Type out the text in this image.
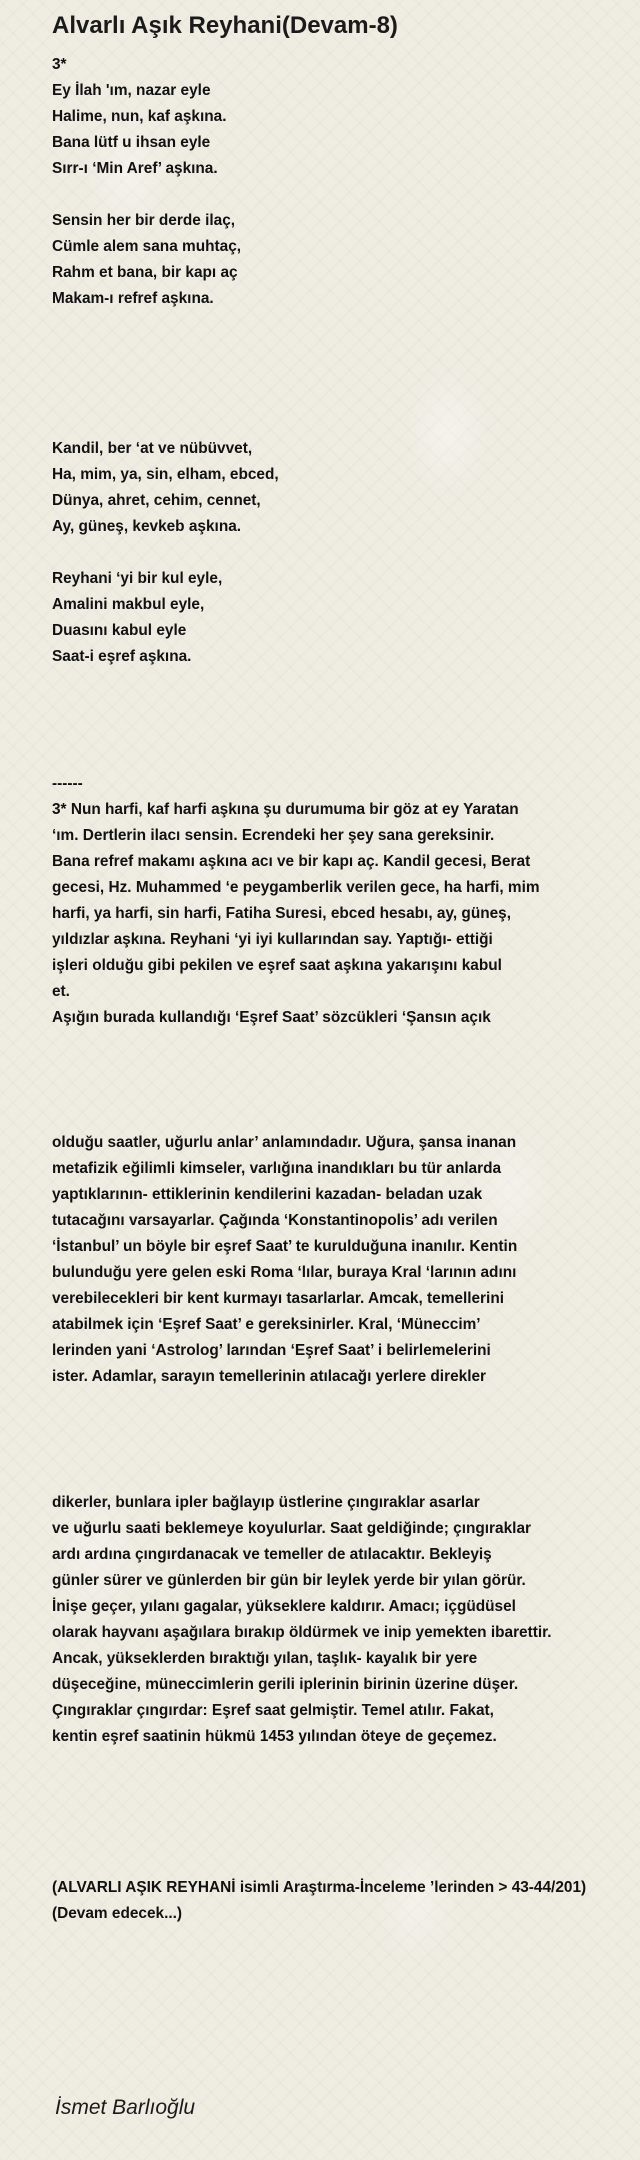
Alvarlı Aşık Reyhani(Devam-8)
3*
Ey İlah 'ım, nazar eyle
Halime, nun, kaf aşkına.
Bana lütf u ihsan eyle
Sırr-ı ‘Min Aref’ aşkına.
Sensin her bir derde ilaç,
Cümle alem sana muhtaç,
Rahm et bana, bir kapı aç
Makam-ı refref aşkına.
Kandil, ber ‘at ve nübüvvet,
Ha, mim, ya, sin, elham, ebced,
Dünya, ahret, cehim, cennet,
Ay, güneş, kevkeb aşkına.
Reyhani ‘yi bir kul eyle,
Amalini makbul eyle,
Duasını kabul eyle
Saat-i eşref aşkına.
------
3* Nun harfi, kaf harfi aşkına şu durumuma bir göz at ey Yaratan
‘ım. Dertlerin ilacı sensin. Ecrendeki her şey sana gereksinir.
Bana refref makamı aşkına acı ve bir kapı aç. Kandil gecesi, Berat
gecesi, Hz. Muhammed ‘e peygamberlik verilen gece, ha harfi, mim
harfi, ya harfi, sin harfi, Fatiha Suresi, ebced hesabı, ay, güneş,
yıldızlar aşkına. Reyhani ‘yi iyi kullarından say. Yaptığı- ettiği
işleri olduğu gibi pekilen ve eşref saat aşkına yakarışını kabul
et.
Aşığın burada kullandığı ‘Eşref Saat’ sözcükleri ‘Şansın açık
olduğu saatler, uğurlu anlar’ anlamındadır. Uğura, şansa inanan
metafizik eğilimli kimseler, varlığına inandıkları bu tür anlarda
yaptıklarının- ettiklerinin kendilerini kazadan- beladan uzak
tutacağını varsayarlar. Çağında ‘Konstantinopolis’ adı verilen
‘İstanbul’ un böyle bir eşref Saat’ te kurulduğuna inanılır. Kentin
bulunduğu yere gelen eski Roma ‘lılar, buraya Kral ‘larının adını
verebilecekleri bir kent kurmayı tasarlarlar. Amcak, temellerini
atabilmek için ‘Eşref Saat’ e gereksinirler. Kral, ‘Müneccim’
lerinden yani ‘Astrolog’ larından ‘Eşref Saat’ i belirlemelerini
ister. Adamlar, sarayın temellerinin atılacağı yerlere direkler
dikerler, bunlara ipler bağlayıp üstlerine çıngıraklar asarlar
ve uğurlu saati beklemeye koyulurlar. Saat geldiğinde; çıngıraklar
ardı ardına çıngırdanacak ve temeller de atılacaktır. Bekleyiş
günler sürer ve günlerden bir gün bir leylek yerde bir yılan görür.
İnişe geçer, yılanı gagalar, yükseklere kaldırır. Amacı; içgüdüsel
olarak hayvanı aşağılara bırakıp öldürmek ve inip yemekten ibarettir.
Ancak, yükseklerden bıraktığı yılan, taşlık- kayalık bir yere
düşeceğine, müneccimlerin gerili iplerinin birinin üzerine düşer.
Çıngıraklar çıngırdar: Eşref saat gelmiştir. Temel atılır. Fakat,
kentin eşref saatinin hükmü 1453 yılından öteye de geçemez.
(ALVARLI AŞIK REYHANİ isimli Araştırma-İnceleme ’lerinden > 43-44/201)
(Devam edecek...)
İsmet Barlıoğlu
